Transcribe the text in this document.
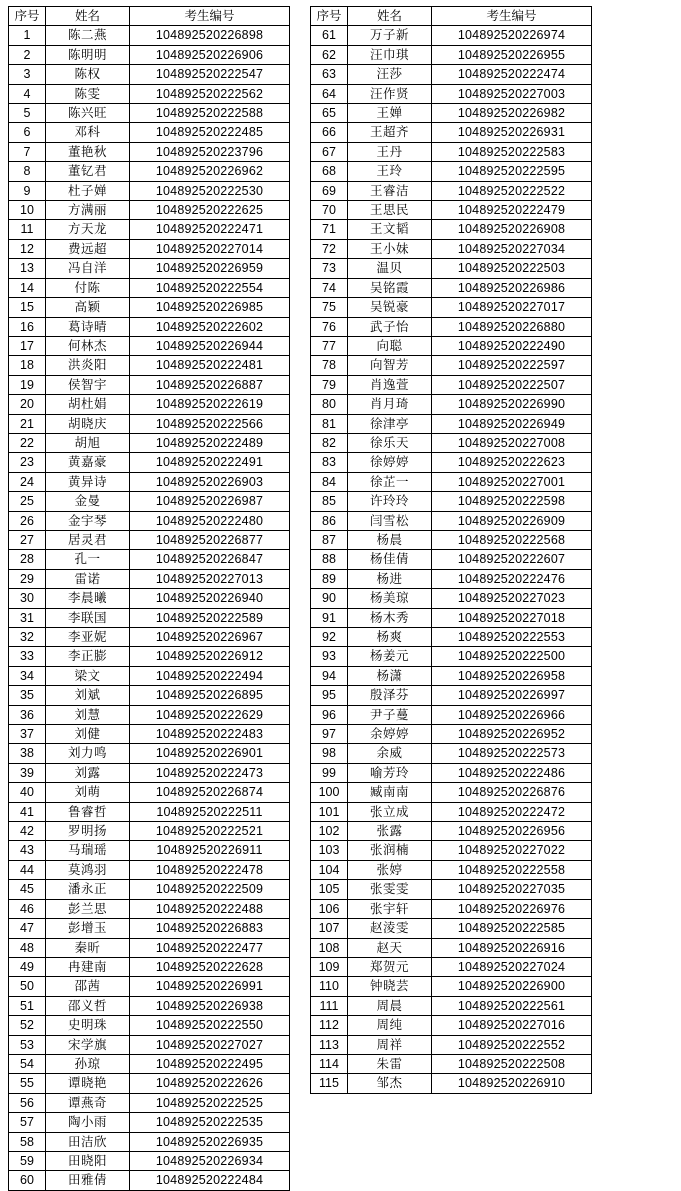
序号	姓名	考生编号
1	陈二燕	104892520226898
2	陈明明	104892520226906
3	陈权	104892520222547
4	陈雯	104892520222562
5	陈兴旺	104892520222588
6	邓科	104892520222485
7	董艳秋	104892520223796
8	董钇君	104892520226962
9	杜子婵	104892520222530
10	方满丽	104892520222625
11	方天龙	104892520222471
12	费远超	104892520227014
13	冯自洋	104892520226959
14	付陈	104892520222554
15	高颖	104892520226985
16	葛诗晴	104892520222602
17	何林杰	104892520226944
18	洪炎阳	104892520222481
19	侯智宇	104892520226887
20	胡杜娟	104892520222619
21	胡晓庆	104892520222566
22	胡旭	104892520222489
23	黄嘉豪	104892520222491
24	黄异诗	104892520226903
25	金曼	104892520226987
26	金宇琴	104892520222480
27	居灵君	104892520226877
28	孔一	104892520226847
29	雷诺	104892520227013
30	李晨曦	104892520226940
31	李联国	104892520222589
32	李亚妮	104892520226967
33	李正膨	104892520226912
34	梁文	104892520222494
35	刘斌	104892520226895
36	刘慧	104892520222629
37	刘健	104892520222483
38	刘力鸣	104892520226901
39	刘露	104892520222473
40	刘萌	104892520226874
41	鲁睿哲	104892520222511
42	罗明扬	104892520222521
43	马瑞瑶	104892520226911
44	莫鸿羽	104892520222478
45	潘永正	104892520222509
46	彭兰思	104892520222488
47	彭增玉	104892520226883
48	秦昕	104892520222477
49	冉建南	104892520222628
50	邵茜	104892520226991
51	邵义哲	104892520226938
52	史明珠	104892520222550
53	宋学旗	104892520227027
54	孙琼	104892520222495
55	谭晓艳	104892520222626
56	谭燕奇	104892520222525
57	陶小雨	104892520222535
58	田洁欣	104892520226935
59	田晓阳	104892520226934
60	田雅倩	104892520222484
序号	姓名	考生编号
61	万子新	104892520226974
62	汪巾琪	104892520226955
63	汪莎	104892520222474
64	汪作贤	104892520227003
65	王婵	104892520226982
66	王超齐	104892520226931
67	王丹	104892520222583
68	王玲	104892520222595
69	王睿洁	104892520222522
70	王思民	104892520222479
71	王文韬	104892520226908
72	王小妹	104892520227034
73	温贝	104892520222503
74	吴铭霞	104892520226986
75	吴锐豪	104892520227017
76	武子怡	104892520226880
77	向聪	104892520222490
78	向智芳	104892520222597
79	肖逸萱	104892520222507
80	肖月琦	104892520226990
81	徐津亭	104892520226949
82	徐乐天	104892520227008
83	徐婷婷	104892520222623
84	徐芷一	104892520227001
85	许玲玲	104892520222598
86	闫雪松	104892520226909
87	杨晨	104892520222568
88	杨佳倩	104892520222607
89	杨进	104892520222476
90	杨美琼	104892520227023
91	杨木秀	104892520227018
92	杨爽	104892520222553
93	杨姜元	104892520222500
94	杨潇	104892520226958
95	殷泽芬	104892520226997
96	尹子蔓	104892520226966
97	余婷婷	104892520226952
98	余威	104892520222573
99	喻芳玲	104892520222486
100	臧南南	104892520226876
101	张立成	104892520222472
102	张露	104892520226956
103	张润楠	104892520227022
104	张婷	104892520222558
105	张雯雯	104892520227035
106	张宇轩	104892520226976
107	赵淩雯	104892520222585
108	赵天	104892520226916
109	郑贺元	104892520227024
110	钟晓芸	104892520226900
111	周晨	104892520222561
112	周纯	104892520227016
113	周祥	104892520222552
114	朱雷	104892520222508
115	邹杰	104892520226910
